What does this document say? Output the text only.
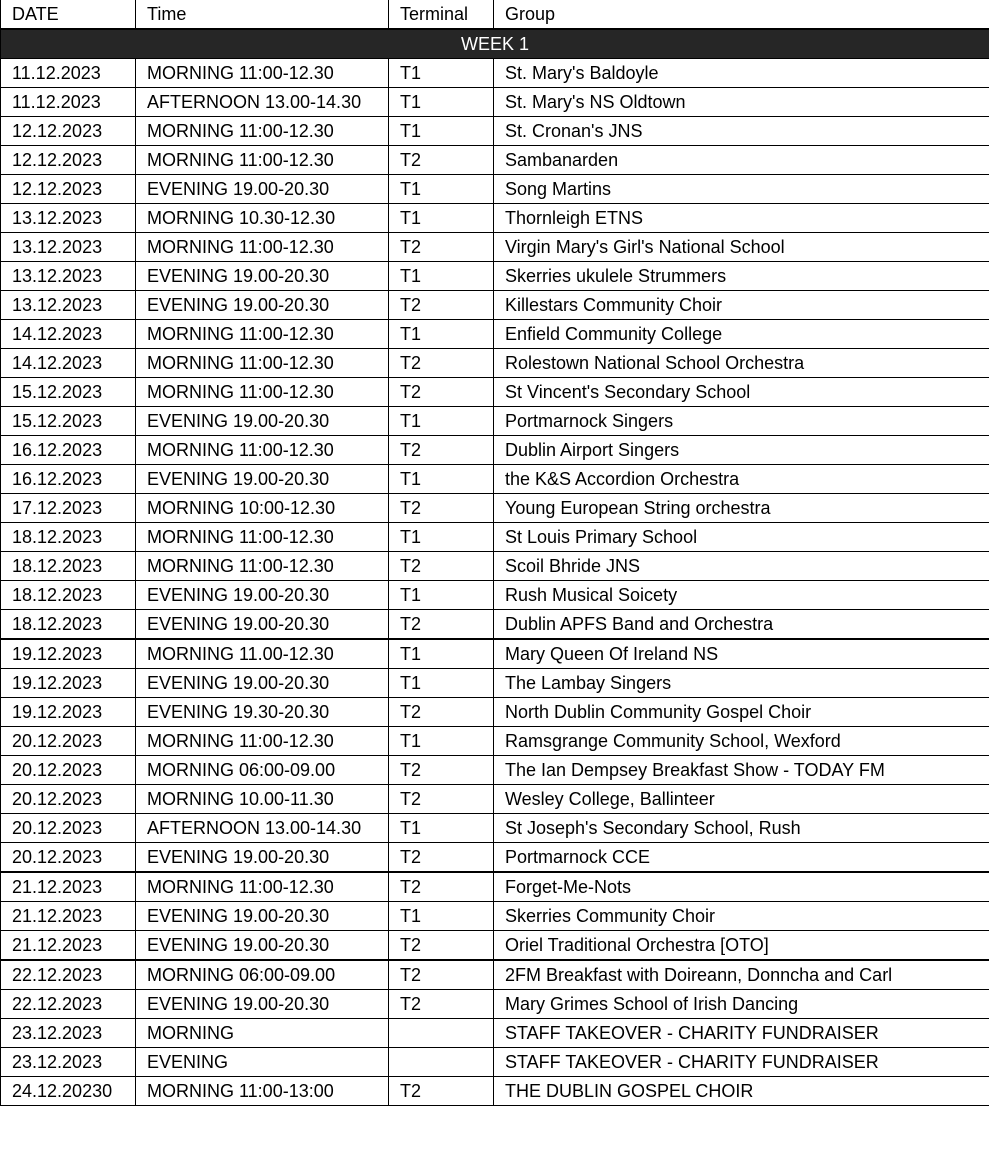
DATE	Time	Terminal	Group
WEEK 1			
11.12.2023	MORNING 11:00-12.30	T1	St. Mary's Baldoyle
11.12.2023	AFTERNOON 13.00-14.30	T1	St. Mary's NS Oldtown
12.12.2023	MORNING 11:00-12.30	T1	St. Cronan's JNS
12.12.2023	MORNING 11:00-12.30	T2	Sambanarden
12.12.2023	EVENING 19.00-20.30	T1	Song Martins
13.12.2023	MORNING 10.30-12.30	T1	Thornleigh ETNS
13.12.2023	MORNING 11:00-12.30	T2	Virgin Mary's Girl's National School
13.12.2023	EVENING 19.00-20.30	T1	Skerries ukulele Strummers
13.12.2023	EVENING 19.00-20.30	T2	Killestars Community Choir
14.12.2023	MORNING 11:00-12.30	T1	Enfield Community College
14.12.2023	MORNING 11:00-12.30	T2	Rolestown National School Orchestra
15.12.2023	MORNING 11:00-12.30	T2	St Vincent's Secondary School
15.12.2023	EVENING 19.00-20.30	T1	Portmarnock Singers
16.12.2023	MORNING 11:00-12.30	T2	Dublin Airport Singers
16.12.2023	EVENING 19.00-20.30	T1	the K&S Accordion Orchestra
17.12.2023	MORNING 10:00-12.30	T2	Young European String orchestra
18.12.2023	MORNING 11:00-12.30	T1	St Louis Primary School
18.12.2023	MORNING 11:00-12.30	T2	Scoil Bhride JNS
18.12.2023	EVENING 19.00-20.30	T1	Rush Musical Soicety
18.12.2023	EVENING 19.00-20.30	T2	Dublin APFS Band and Orchestra
19.12.2023	MORNING 11.00-12.30	T1	Mary Queen Of Ireland NS
19.12.2023	EVENING 19.00-20.30	T1	The Lambay Singers
19.12.2023	EVENING 19.30-20.30	T2	North Dublin Community Gospel Choir
20.12.2023	MORNING 11:00-12.30	T1	Ramsgrange Community School, Wexford
20.12.2023	MORNING 06:00-09.00	T2	The Ian Dempsey Breakfast Show - TODAY FM
20.12.2023	MORNING 10.00-11.30	T2	Wesley College, Ballinteer
20.12.2023	AFTERNOON 13.00-14.30	T1	St Joseph's Secondary School, Rush
20.12.2023	EVENING 19.00-20.30	T2	Portmarnock CCE
21.12.2023	MORNING 11:00-12.30	T2	Forget-Me-Nots
21.12.2023	EVENING 19.00-20.30	T1	Skerries Community Choir
21.12.2023	EVENING 19.00-20.30	T2	Oriel Traditional Orchestra [OTO]
22.12.2023	MORNING 06:00-09.00	T2	2FM Breakfast with Doireann, Donncha and Carl
22.12.2023	EVENING 19.00-20.30	T2	Mary Grimes School of Irish Dancing
23.12.2023	MORNING		STAFF TAKEOVER - CHARITY FUNDRAISER
23.12.2023	EVENING		STAFF TAKEOVER - CHARITY FUNDRAISER
24.12.20230	MORNING 11:00-13:00	T2	THE DUBLIN GOSPEL CHOIR
